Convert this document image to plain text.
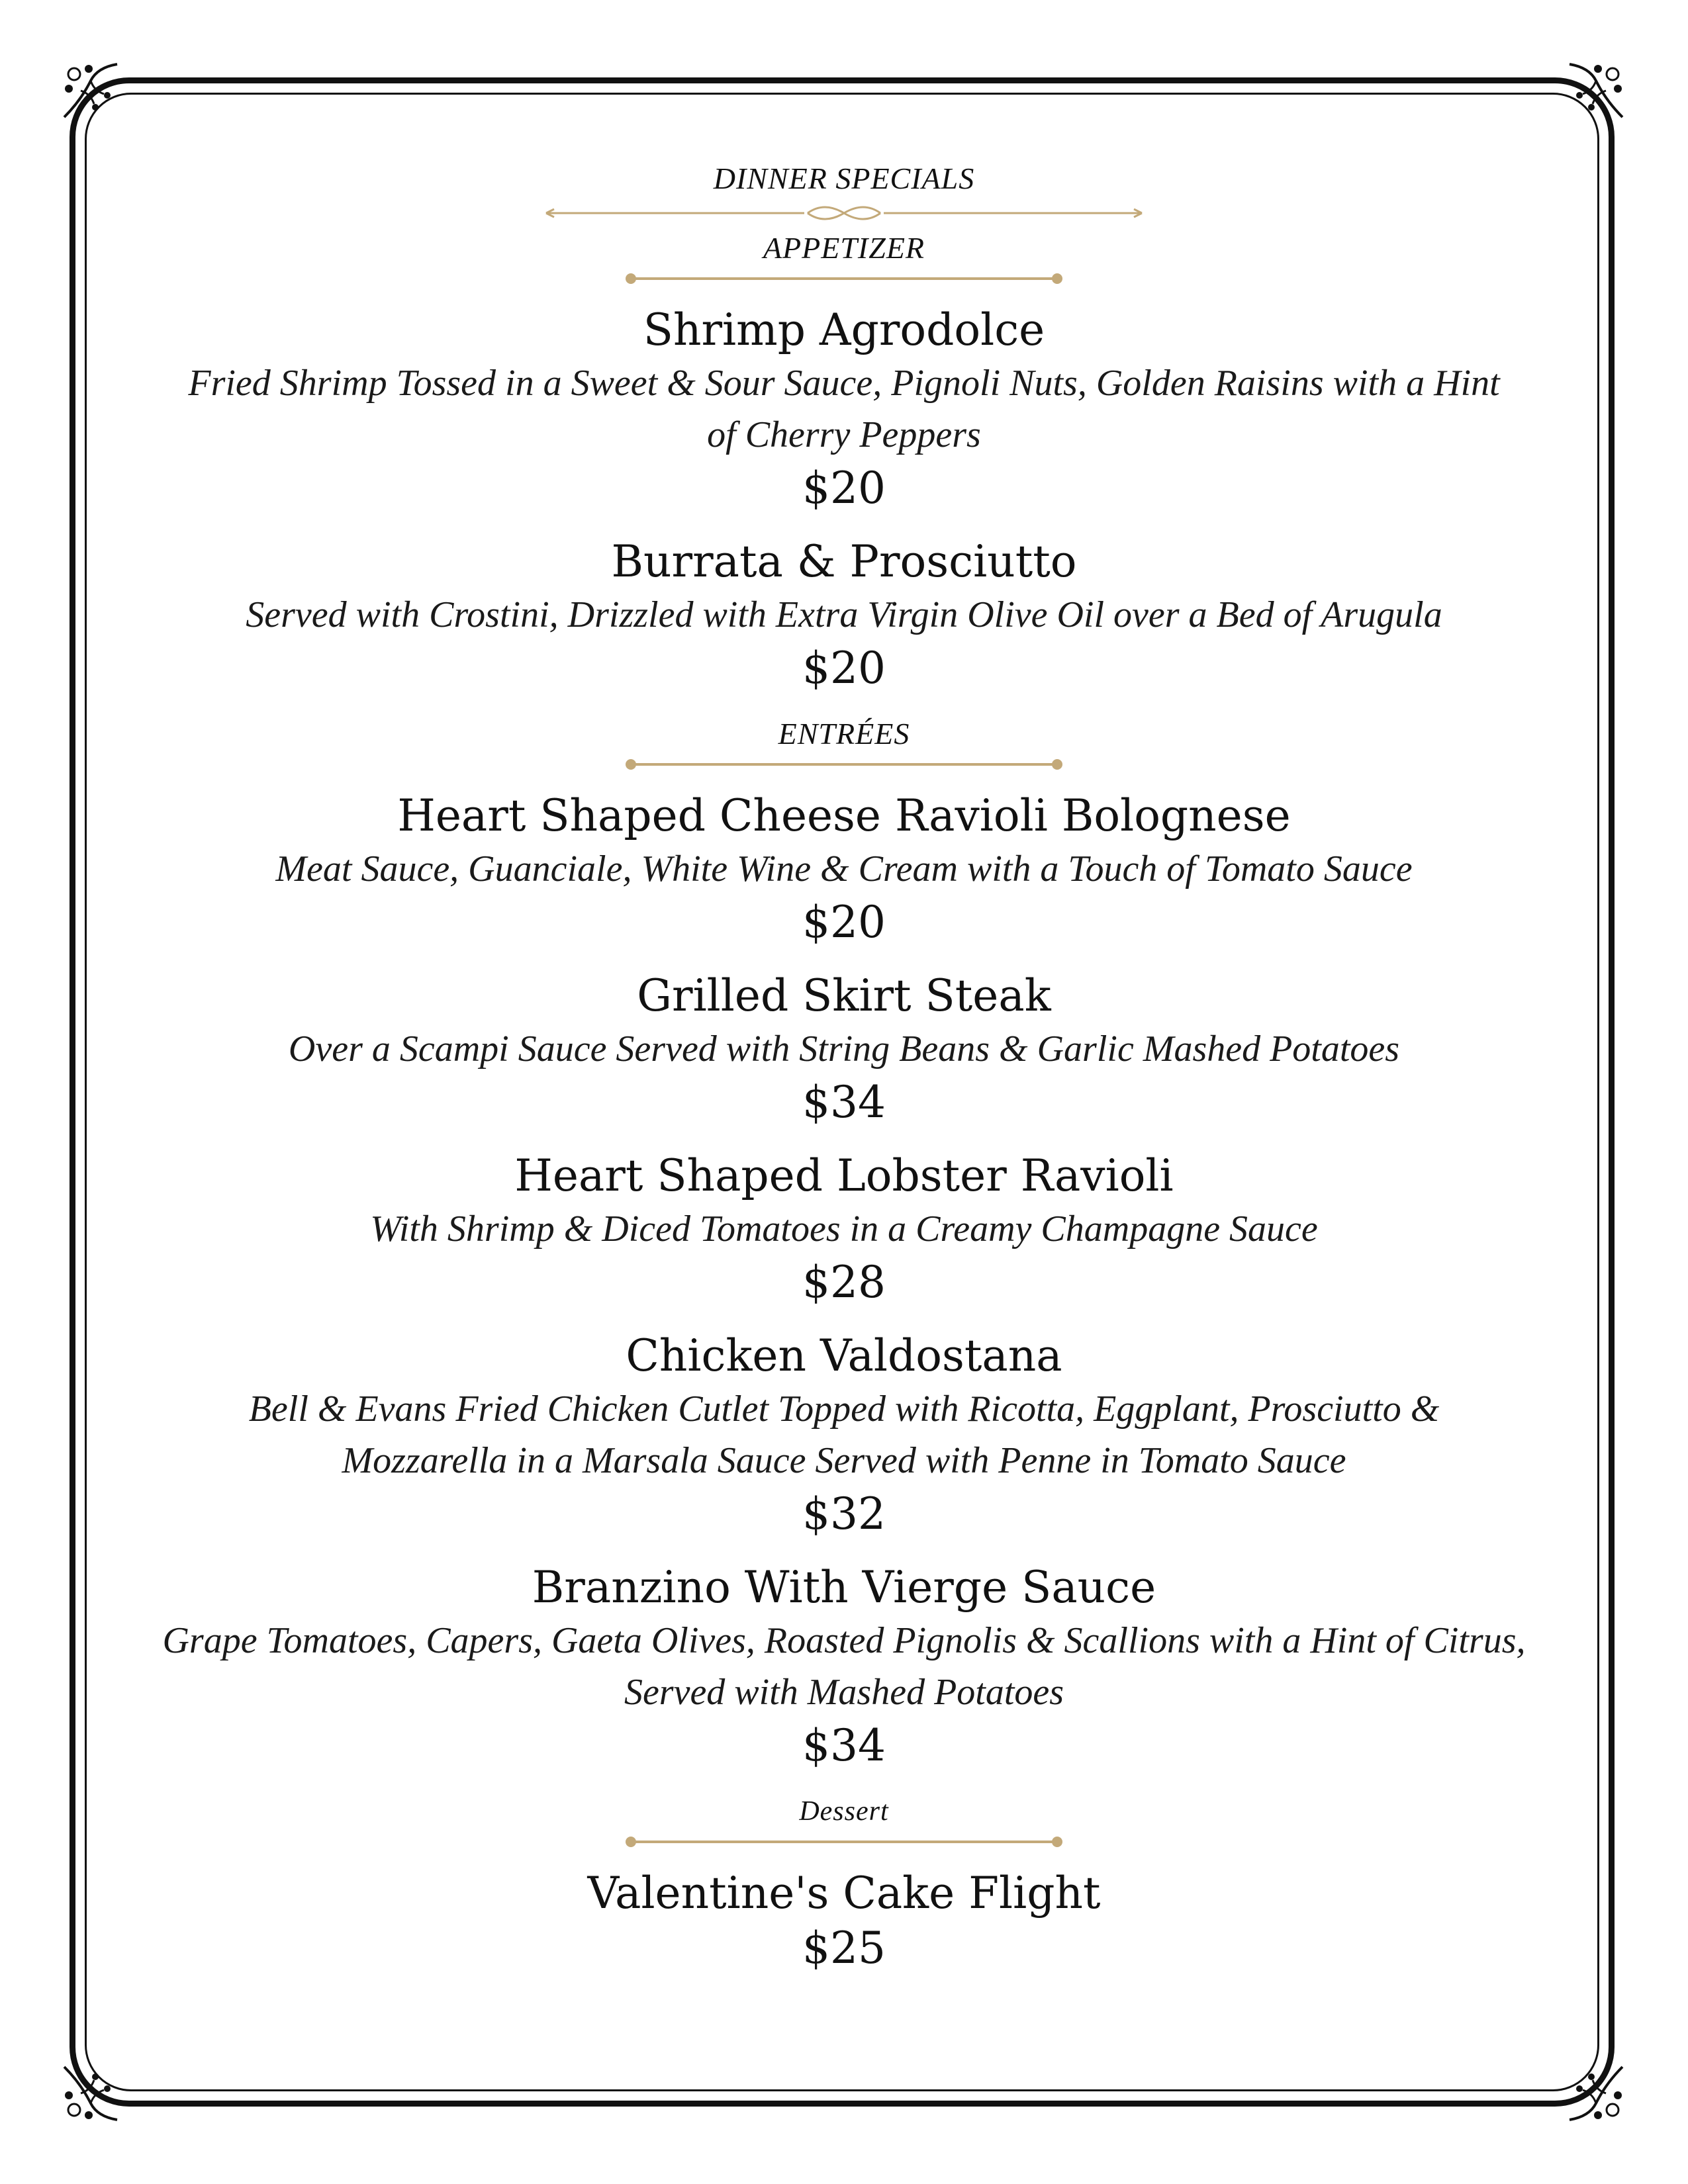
DINNER SPECIALS
APPETIZER
Shrimp Agrodolce
Fried Shrimp Tossed in a Sweet & Sour Sauce, Pignoli Nuts, Golden Raisins with a Hint
of Cherry Peppers
$20
Burrata & Prosciutto
Served with Crostini, Drizzled with Extra Virgin Olive Oil over a Bed of Arugula
$20
ENTRÉES
Heart Shaped Cheese Ravioli Bolognese
Meat Sauce, Guanciale, White Wine & Cream with a Touch of Tomato Sauce
$20
Grilled Skirt Steak
Over a Scampi Sauce Served with String Beans & Garlic Mashed Potatoes
$34
Heart Shaped Lobster Ravioli
With Shrimp & Diced Tomatoes in a Creamy Champagne Sauce
$28
Chicken Valdostana
Bell & Evans Fried Chicken Cutlet Topped with Ricotta, Eggplant, Prosciutto &
Mozzarella in a Marsala Sauce Served with Penne in Tomato Sauce
$32
Branzino With Vierge Sauce
Grape Tomatoes, Capers, Gaeta Olives, Roasted Pignolis & Scallions with a Hint of Citrus,
Served with Mashed Potatoes
$34
Dessert
Valentine's Cake Flight
$25
